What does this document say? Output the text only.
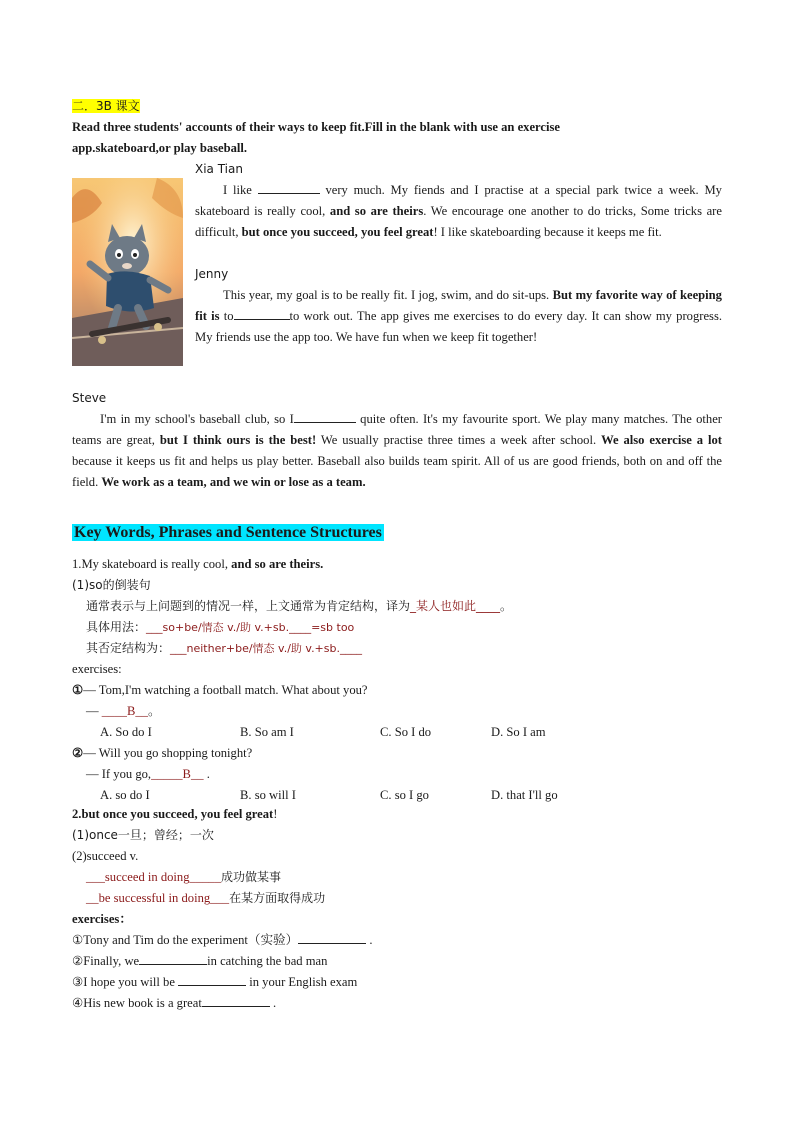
二．3B 课文
Read three students' accounts of their ways to keep fit.Fill in the blank with use an exercise
app.skateboard,or play baseball.
Xia Tian
I like	very much. My fiends and I practise at a special park twice a week. My skateboard is really cool, and so are theirs. We encourage one another to do tricks, Some tricks are difficult, but once you succeed, you feel great! I like skateboarding because it keeps me fit.
Jenny
This year, my goal is to be really fit. I jog, swim, and do sit-ups. But my favorite way of keeping fit is to	to work out. The app gives me exercises to do every day. It can show my progress. My friends use the app too. We have fun when we keep fit together!
Steve
I'm in my school's baseball club, so I	quite often. It's my favourite sport. We play many matches. The other teams are great, but I think ours is the best! We usually practise three times a week after school. We also exercise a lot because it keeps us fit and helps us play better. Baseball also builds team spirit. All of us are good friends, both on and off the field. We work as a team, and we win or lose as a team.
Key Words, Phrases and Sentence Structures
1.My skateboard is really cool, and so are theirs.
(1)so的倒装句
通常表示与上问题到的情况一样，上文通常为肯定结构，译为_某人也如此____。
具体用法：___so+be/情态 v./助 v.+sb.____=sb too
其否定结构为：___neither+be/情态 v./助 v.+sb.____
exercises:
①— Tom,I'm watching a football match. What about you?
— ____B__。
A. So do I	B. So am I	C. So I do	D. So I am
②— Will you go shopping tonight?
— If you go,_____B__ .
A. so do I	B. so will I	C. so I go	D. that I'll go
2.but once you succeed, you feel great!
(1)once一旦；曾经；一次
(2)succeed v.
___succeed in doing_____成功做某事
__be successful in doing___在某方面取得成功
exercises：
①Tony and Tim do the experiment（实验）	.
②Finally, we	in catching the bad man
③I hope you will be	in your English exam
④His new book is a great	.
